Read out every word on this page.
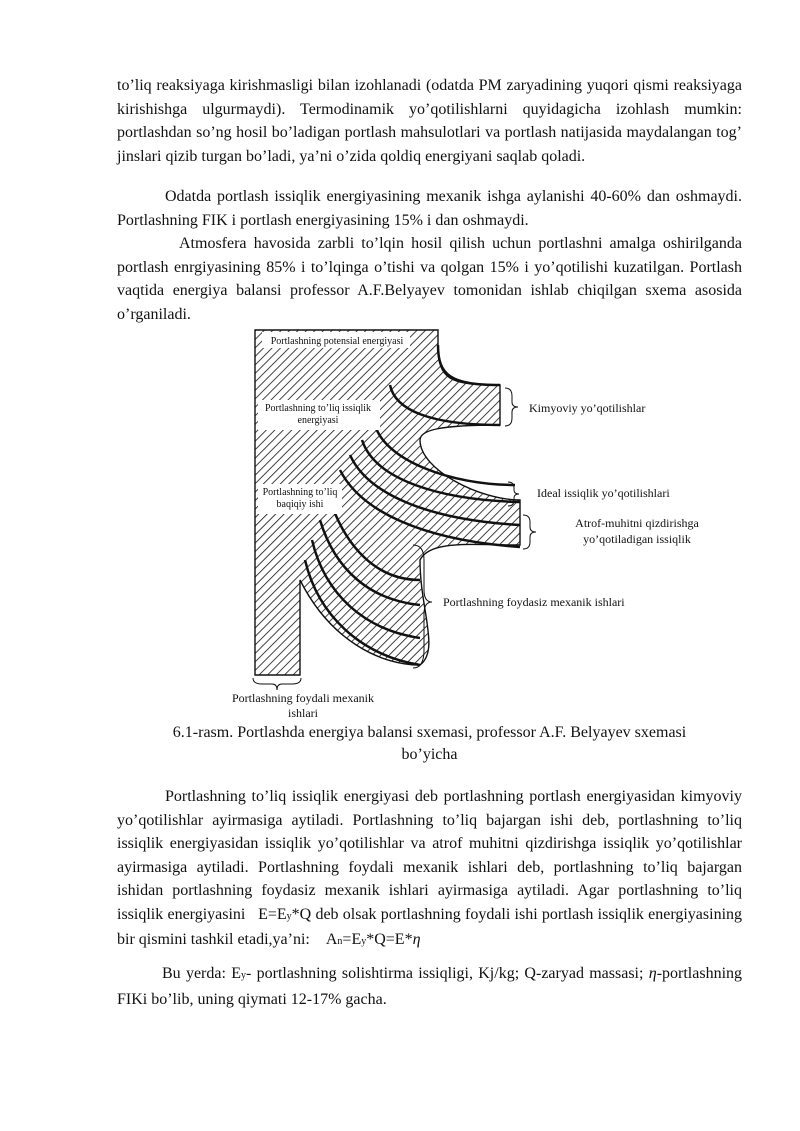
to’liq reaksiyaga kirishmasligi bilan izohlanadi (odatda PM zaryadining yuqori qismi reaksiyaga kirishishga ulgurmaydi). Termodinamik yo’qotilishlarni quyidagicha izohlash mumkin: portlashdan so’ng hosil bo’ladigan portlash mahsulotlari va portlash natijasida maydalangan tog’ jinslari qizib turgan bo’ladi, ya’ni o’zida qoldiq energiyani saqlab qoladi.

Odatda portlash issiqlik energiyasining mexanik ishga aylanishi 40-60% dan oshmaydi. Portlashning FIK i portlash energiyasining 15% i dan oshmaydi.

Atmosfera havosida zarbli to’lqin hosil qilish uchun portlashni amalga oshirilganda portlash enrgiyasining 85% i to’lqinga o’tishi va qolgan 15% i yo’qotilishi kuzatilgan. Portlash vaqtida energiya balansi professor A.F.Belyayev tomonidan ishlab chiqilgan sxema asosida o’rganiladi.

Portlashning potensial energiyasi
Portlashning to’liq issiqlik
energiyasi
Portlashning to’liq
baqiqiy ishi
Kimyoviy yo’qotilishlar
Ideal issiqlik yo’qotilishlari
Atrof-muhitni qizdirishga
yo’qotiladigan issiqlik
Portlashning foydasiz mexanik ishlari
Portlashning foydali mexanik
ishlari
6.1-rasm. Portlashda energiya balansi sxemasi, professor A.F. Belyayev sxemasi
bo’yicha

Portlashning to’liq issiqlik energiyasi deb portlashning portlash energiyasidan kimyoviy yo’qotilishlar ayirmasiga aytiladi. Portlashning to’liq bajargan ishi deb, portlashning to’liq issiqlik energiyasidan issiqlik yo’qotilishlar va atrof muhitni qizdirishga issiqlik yo’qotilishlar ayirmasiga aytiladi. Portlashning foydali mexanik ishlari deb, portlashning to’liq bajargan ishidan portlashning foydasiz mexanik ishlari ayirmasiga aytiladi. Agar portlashning to’liq issiqlik energiyasini E=Ey*Q deb olsak portlashning foydali ishi portlash issiqlik energiyasining bir qismini tashkil etadi,ya’ni: An=Ey*Q=E*η

Bu yerda: Ey- portlashning solishtirma issiqligi, Kj/kg; Q-zaryad massasi; η-portlashning FIKi bo’lib, uning qiymati 12-17% gacha.
